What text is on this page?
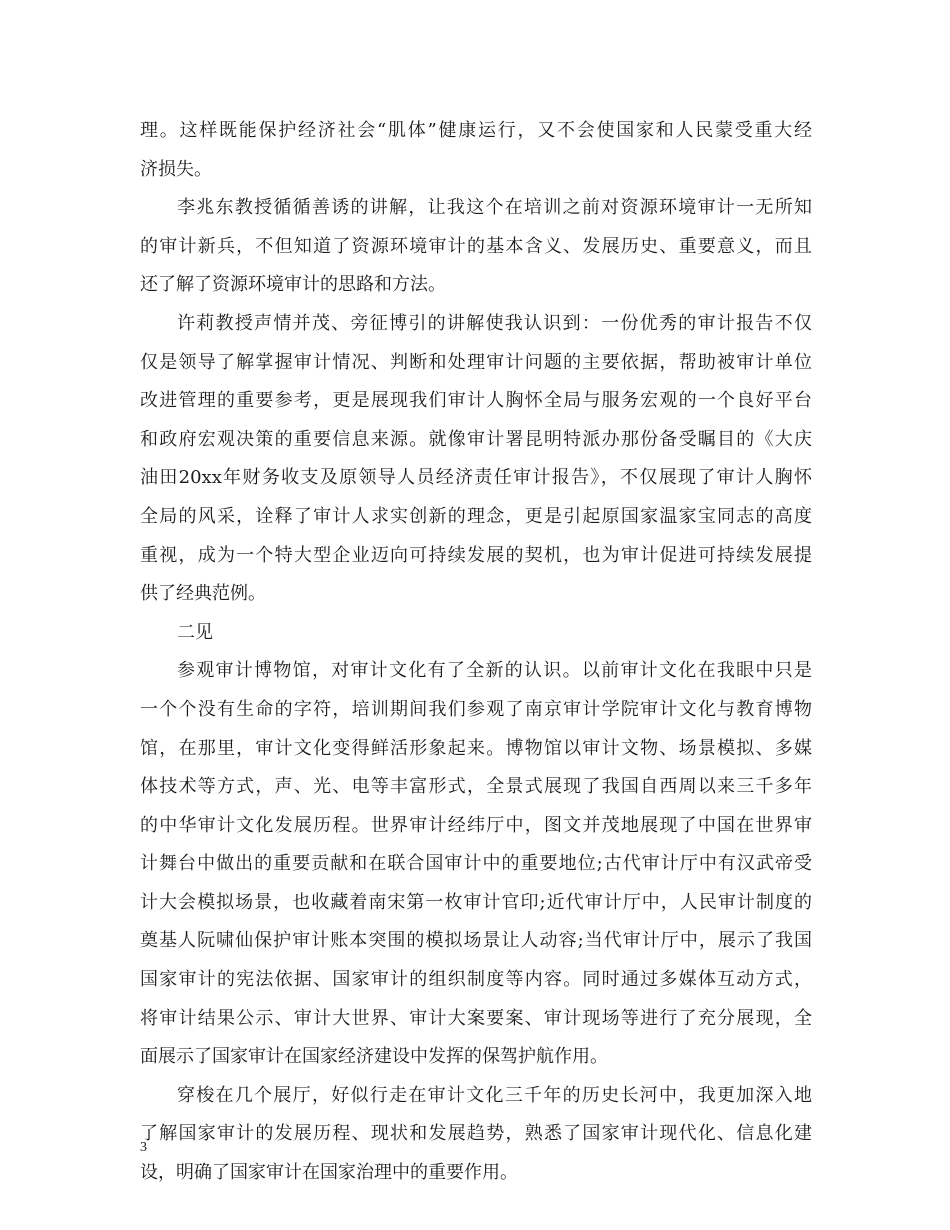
理。这样既能保护经济社会“肌体”健康运行，又不会使国家和人民蒙受重大经
济损失。
李兆东教授循循善诱的讲解，让我这个在培训之前对资源环境审计一无所知
的审计新兵，不但知道了资源环境审计的基本含义、发展历史、重要意义，而且
还了解了资源环境审计的思路和方法。
许莉教授声情并茂、旁征博引的讲解使我认识到：一份优秀的审计报告不仅
仅是领导了解掌握审计情况、判断和处理审计问题的主要依据，帮助被审计单位
改进管理的重要参考，更是展现我们审计人胸怀全局与服务宏观的一个良好平台
和政府宏观决策的重要信息来源。就像审计署昆明特派办那份备受瞩目的《大庆
油田20xx年财务收支及原领导人员经济责任审计报告》，不仅展现了审计人胸怀
全局的风采，诠释了审计人求实创新的理念，更是引起原国家温家宝同志的高度
重视，成为一个特大型企业迈向可持续发展的契机，也为审计促进可持续发展提
供了经典范例。
二见
参观审计博物馆，对审计文化有了全新的认识。以前审计文化在我眼中只是
一个个没有生命的字符，培训期间我们参观了南京审计学院审计文化与教育博物
馆，在那里，审计文化变得鲜活形象起来。博物馆以审计文物、场景模拟、多媒
体技术等方式，声、光、电等丰富形式，全景式展现了我国自西周以来三千多年
的中华审计文化发展历程。世界审计经纬厅中，图文并茂地展现了中国在世界审
计舞台中做出的重要贡献和在联合国审计中的重要地位;古代审计厅中有汉武帝受
计大会模拟场景，也收藏着南宋第一枚审计官印;近代审计厅中，人民审计制度的
奠基人阮啸仙保护审计账本突围的模拟场景让人动容;当代审计厅中，展示了我国
国家审计的宪法依据、国家审计的组织制度等内容。同时通过多媒体互动方式，
将审计结果公示、审计大世界、审计大案要案、审计现场等进行了充分展现，全
面展示了国家审计在国家经济建设中发挥的保驾护航作用。
穿梭在几个展厅，好似行走在审计文化三千年的历史长河中，我更加深入地
了解国家审计的发展历程、现状和发展趋势，熟悉了国家审计现代化、信息化建
设，明确了国家审计在国家治理中的重要作用。
3
